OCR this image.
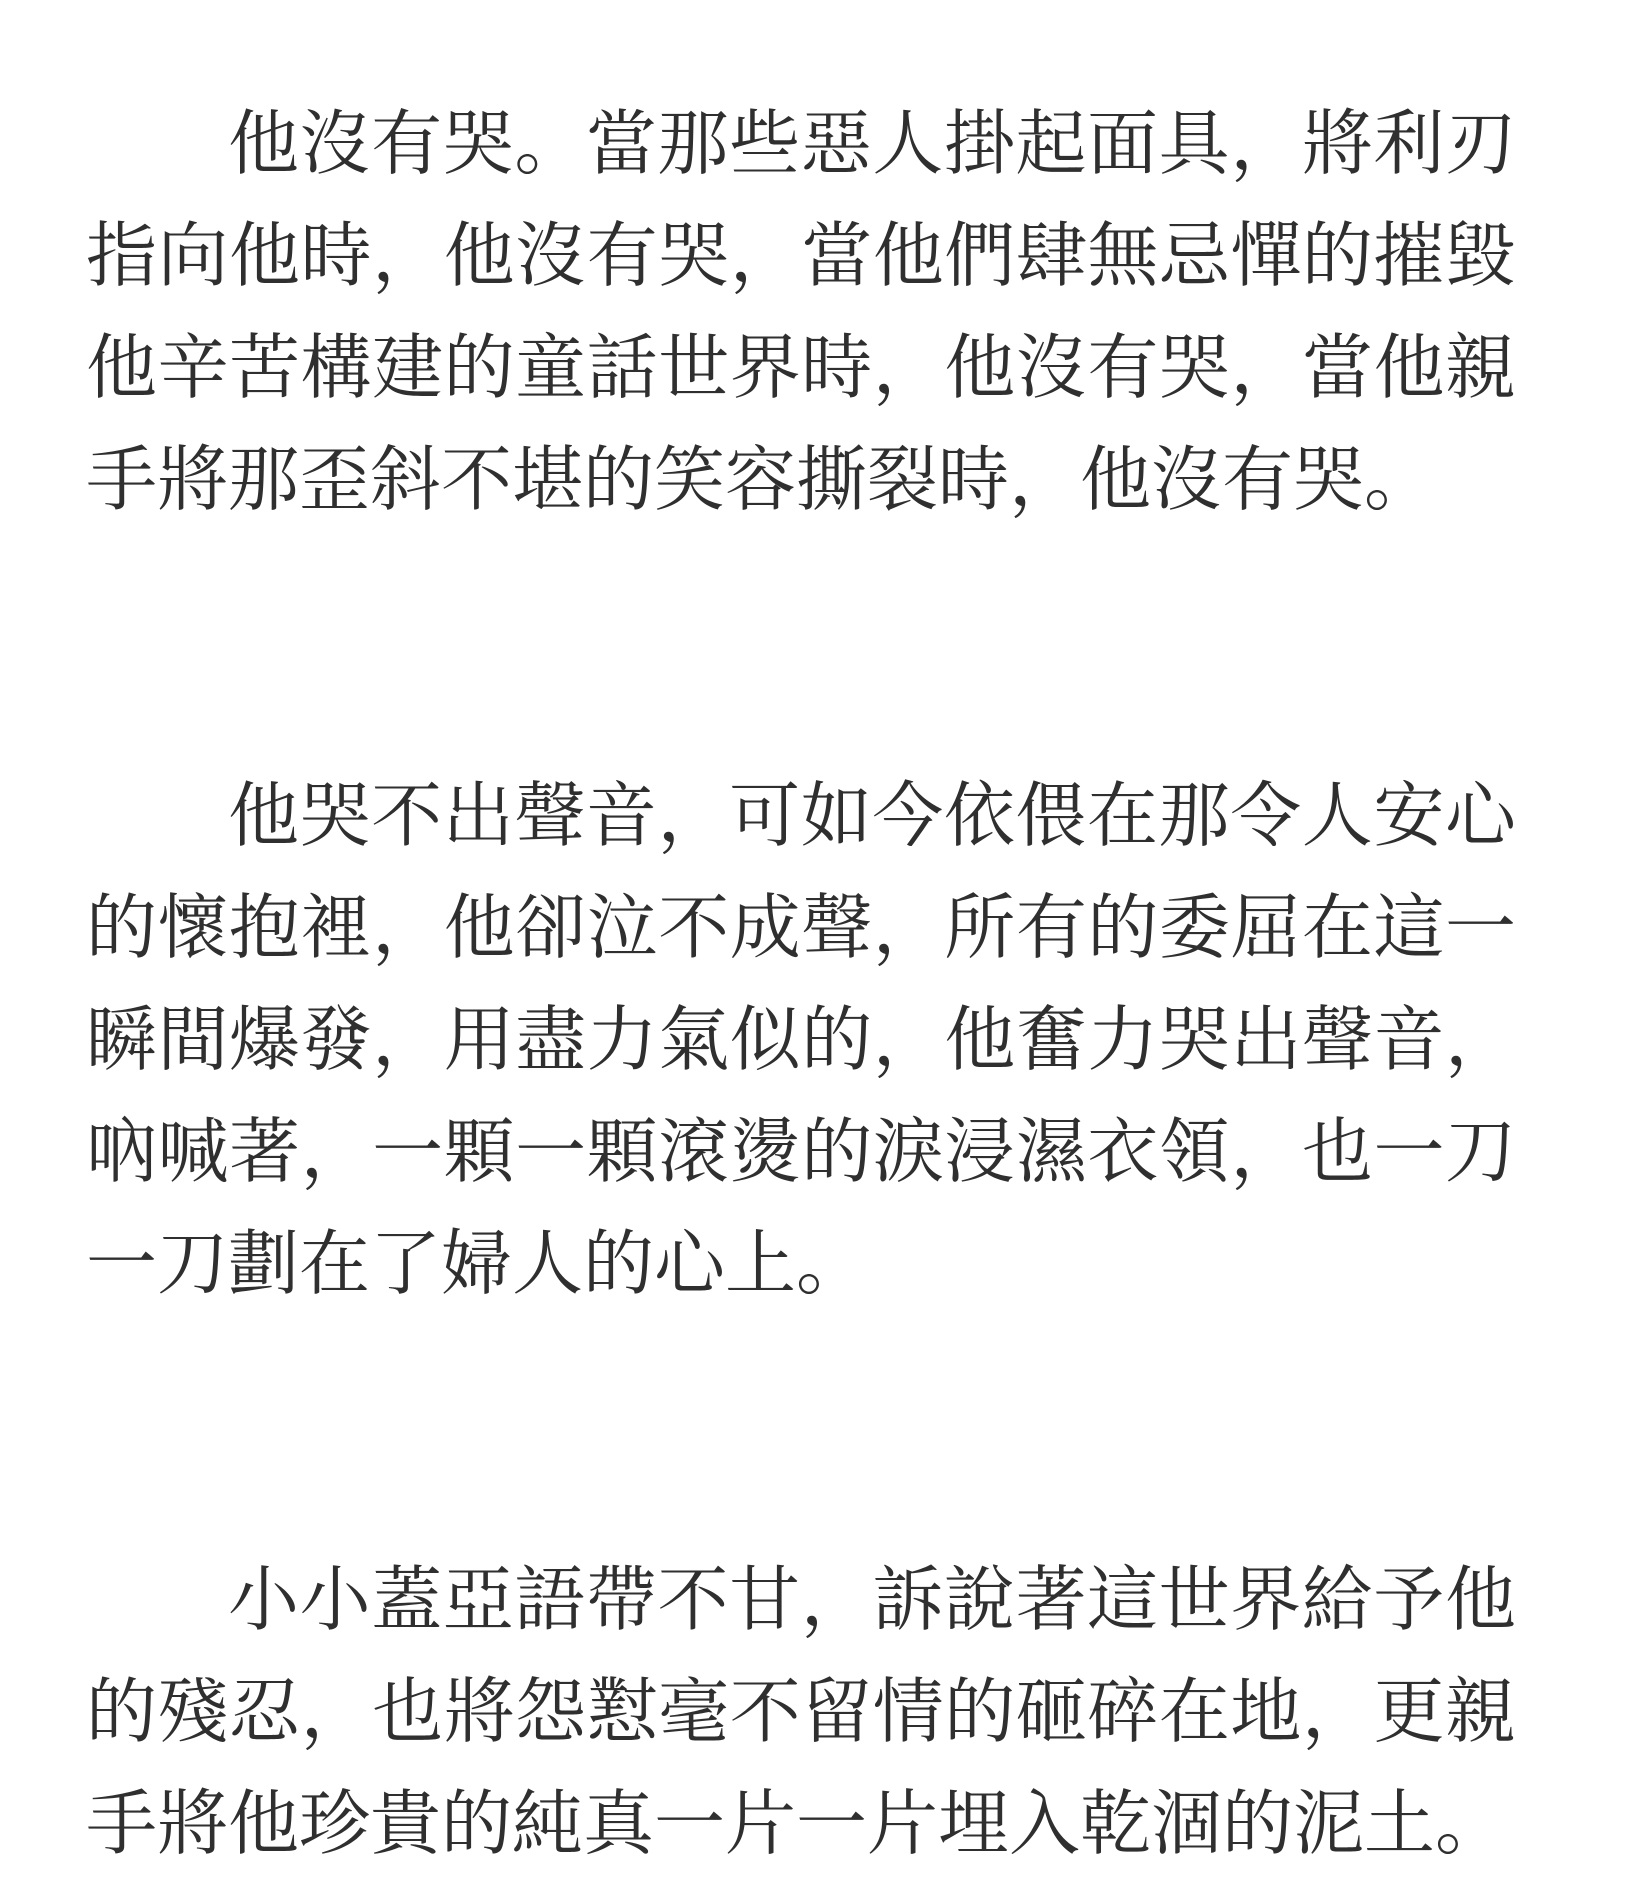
他沒有哭。當那些惡人掛起面具，將利刃指向他時，他沒有哭，當他們肆無忌憚的摧毀他辛苦構建的童話世界時，他沒有哭，當他親手將那歪斜不堪的笑容撕裂時，他沒有哭。

他哭不出聲音，可如今依偎在那令人安心的懷抱裡，他卻泣不成聲，所有的委屈在這一瞬間爆發，用盡力氣似的，他奮力哭出聲音，吶喊著，一顆一顆滾燙的淚浸濕衣領，也一刀一刀劃在了婦人的心上。

小小蓋亞語帶不甘，訴說著這世界給予他的殘忍，也將怨懟毫不留情的砸碎在地，更親手將他珍貴的純真一片一片埋入乾涸的泥土。
